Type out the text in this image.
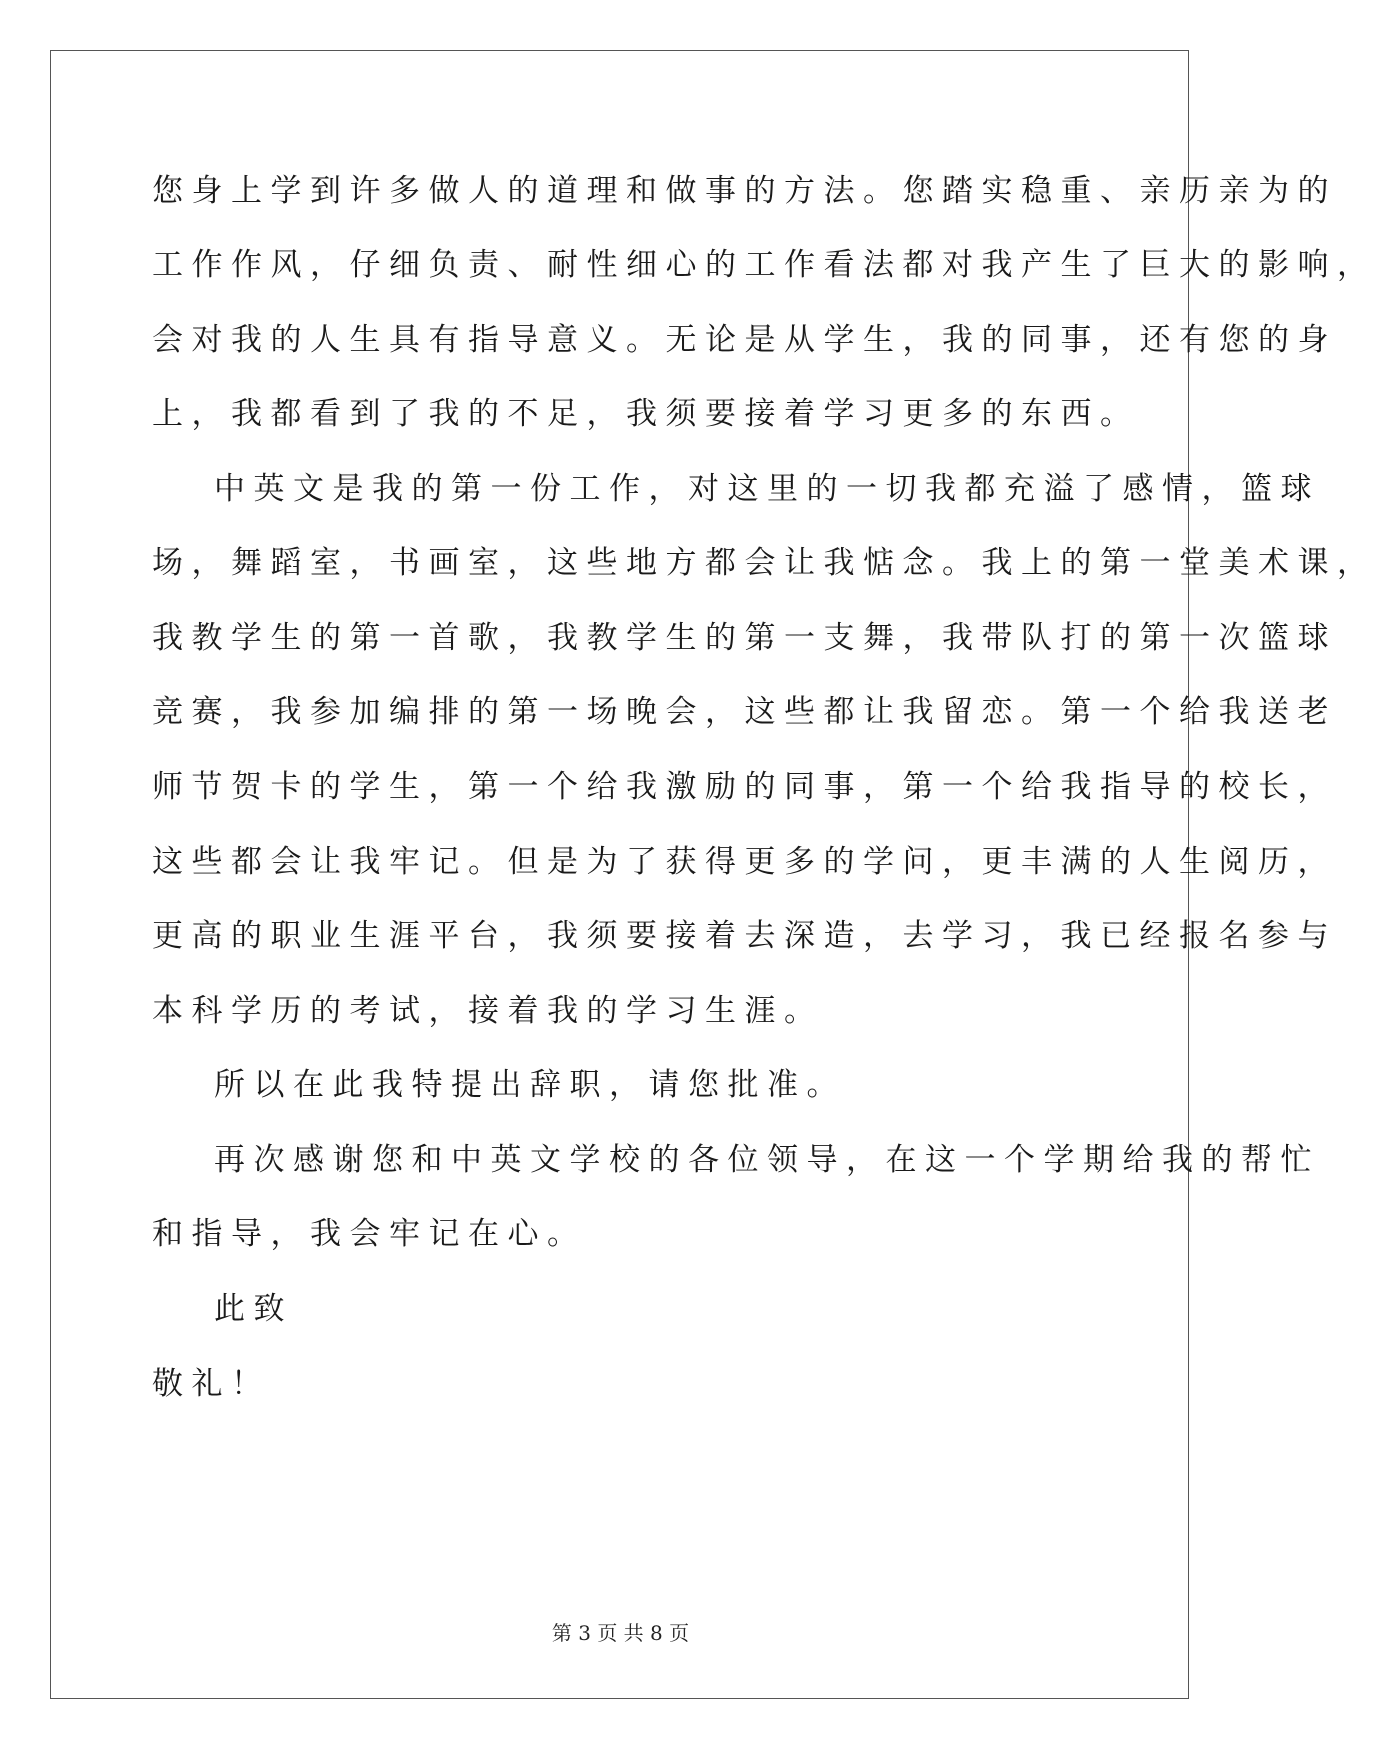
您身上学到许多做人的道理和做事的方法。您踏实稳重、亲历亲为的
工作作风，仔细负责、耐性细心的工作看法都对我产生了巨大的影响，
会对我的人生具有指导意义。无论是从学生，我的同事，还有您的身
上，我都看到了我的不足，我须要接着学习更多的东西。
中英文是我的第一份工作，对这里的一切我都充溢了感情，篮球
场，舞蹈室，书画室，这些地方都会让我惦念。我上的第一堂美术课，
我教学生的第一首歌，我教学生的第一支舞，我带队打的第一次篮球
竞赛，我参加编排的第一场晚会，这些都让我留恋。第一个给我送老
师节贺卡的学生，第一个给我激励的同事，第一个给我指导的校长，
这些都会让我牢记。但是为了获得更多的学问，更丰满的人生阅历，
更高的职业生涯平台，我须要接着去深造，去学习，我已经报名参与
本科学历的考试，接着我的学习生涯。
所以在此我特提出辞职，请您批准。
再次感谢您和中英文学校的各位领导，在这一个学期给我的帮忙
和指导，我会牢记在心。
此致
敬礼！
第 3 页 共 8 页
